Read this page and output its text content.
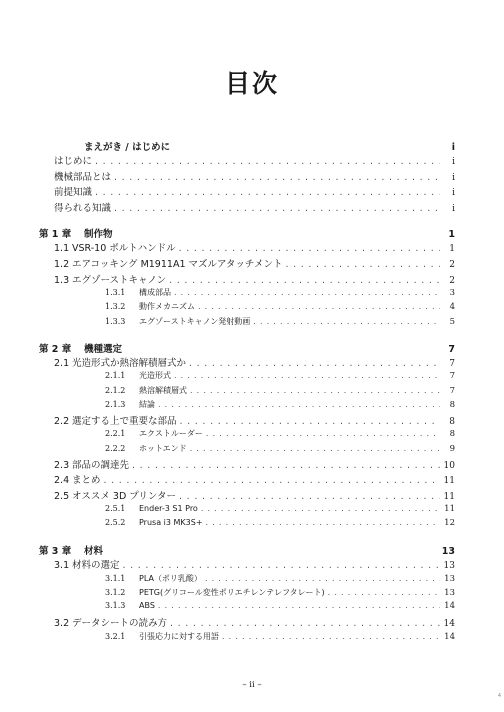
目次
まえがき / はじめに	i
はじめに . . .	i
機械部品とは . . .	i
前提知識 . . .	i
得られる知識 . . .	i
第 1 章	制作物	1
1.1 VSR-10 ボルトハンドル . . .	1
1.2 エアコッキング M1911A1 マズルアタッチメント . . .	2
1.3 エグゾーストキャノン . . .	2
1.3.1	構成部品 . . .	3
1.3.2	動作メカニズム . . .	4
1.3.3	エグゾーストキャノン発射動画 . . .	5
第 2 章	機種選定	7
2.1 光造形式か熱溶解積層式か . . .	7
2.1.1	光造形式 . . .	7
2.1.2	熱溶解積層式 . . .	7
2.1.3	結論 . . .	8
2.2 選定する上で重要な部品 . . .	8
2.2.1	エクストルーダー . . .	8
2.2.2	ホットエンド . . .	9
2.3 部品の調達先 . . .	10
2.4 まとめ . . .	11
2.5 オススメ 3D プリンター . . .	11
2.5.1	Ender-3 S1 Pro . . .	11
2.5.2	Prusa i3 MK3S+ . . .	12
第 3 章	材料	13
3.1 材料の選定 . . .	13
3.1.1	PLA（ポリ乳酸） . . .	13
3.1.2	PETG(グリコール変性ポリエチレンテレフタレート) . . .	13
3.1.3	ABS . . .	14
3.2 データシートの読み方 . . .	14
3.2.1	引張応力に対する用語 . . .	14
– ii –
4
